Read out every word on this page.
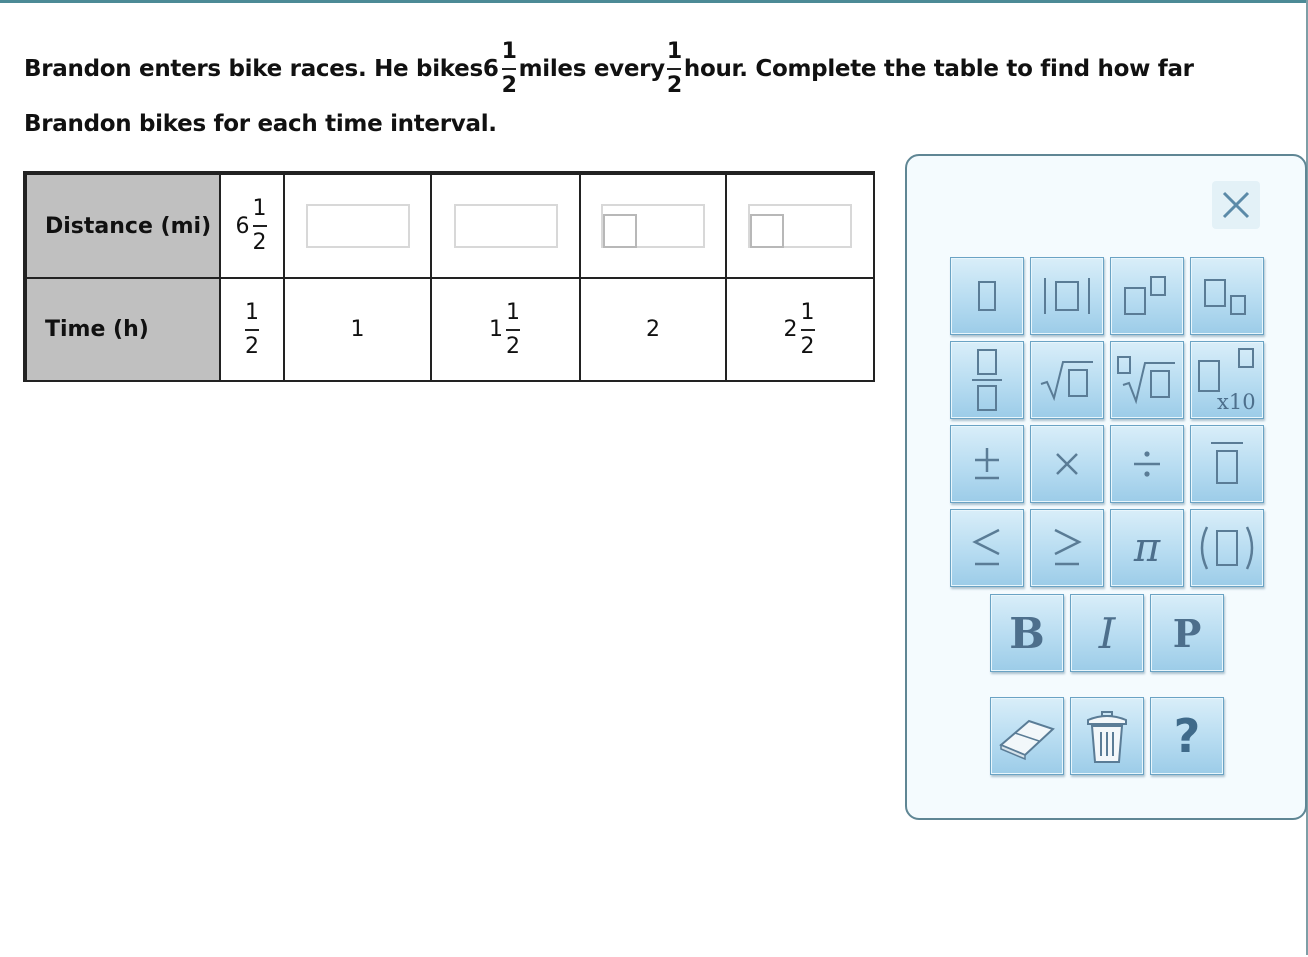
Brandon enters bike races. He bikes $6 \frac{1}{2}$ miles every $\frac{1}{2}$ hour. Complete the table to find how far
Brandon bikes for each time interval.
Distance (mi)	$6 \frac{1}{2}$

Time (h)	$\frac{1}{2}$	1	$1 \frac{1}{2}$	2	$2 \frac{1}{2}$
x10
π
B I P
?
